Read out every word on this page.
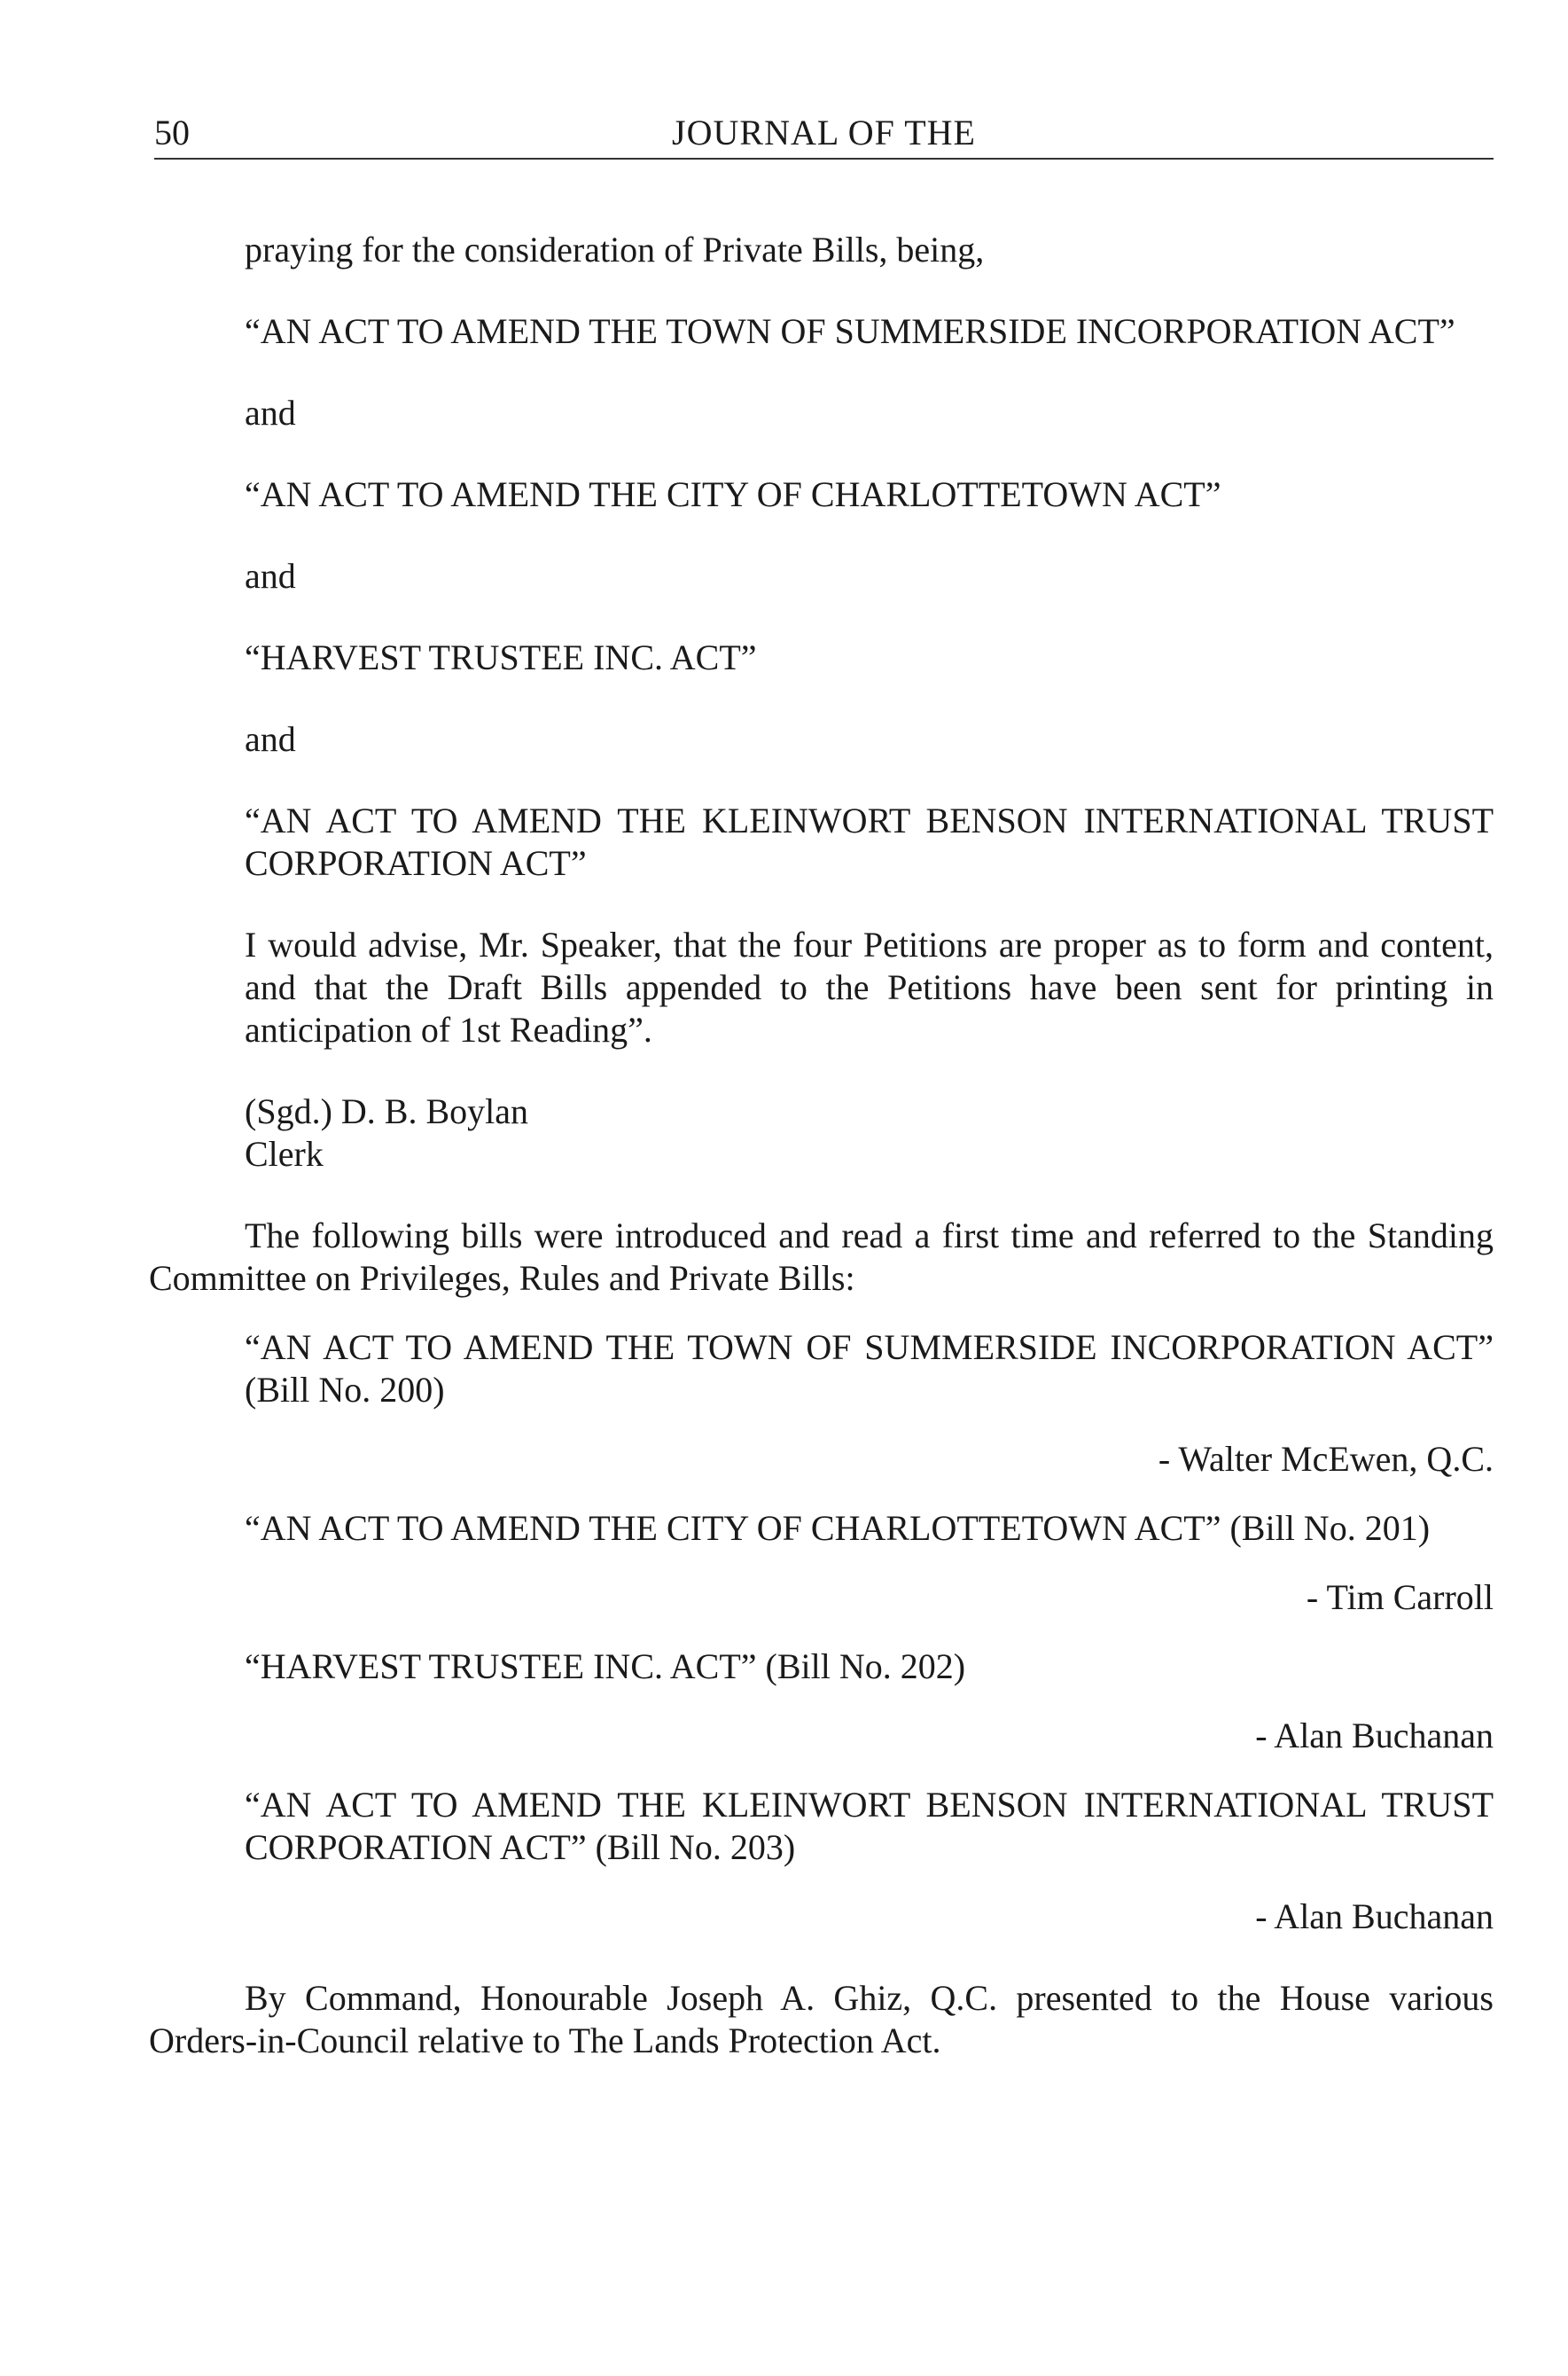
50	JOURNAL OF THE

praying for the consideration of Private Bills, being,

“AN ACT TO AMEND THE TOWN OF SUMMERSIDE INCORPORATION ACT”

and

“AN ACT TO AMEND THE CITY OF CHARLOTTETOWN ACT”

and

“HARVEST TRUSTEE INC. ACT”

and

“AN ACT TO AMEND THE KLEINWORT BENSON INTERNATIONAL TRUST CORPORATION ACT”

I would advise, Mr. Speaker, that the four Petitions are proper as to form and content, and that the Draft Bills appended to the Petitions have been sent for printing in anticipation of 1st Reading”.

(Sgd.) D. B. Boylan

Clerk

The following bills were introduced and read a first time and referred to the Standing Committee on Privileges, Rules and Private Bills:

“AN ACT TO AMEND THE TOWN OF SUMMERSIDE INCORPORATION ACT” (Bill No. 200)

- Walter McEwen, Q.C.

“AN ACT TO AMEND THE CITY OF CHARLOTTETOWN ACT” (Bill No. 201)

- Tim Carroll

“HARVEST TRUSTEE INC. ACT” (Bill No. 202)

- Alan Buchanan

“AN ACT TO AMEND THE KLEINWORT BENSON INTERNATIONAL TRUST CORPORATION ACT” (Bill No. 203)

- Alan Buchanan

By Command, Honourable Joseph A. Ghiz, Q.C. presented to the House various Orders-in-Council relative to The Lands Protection Act.
